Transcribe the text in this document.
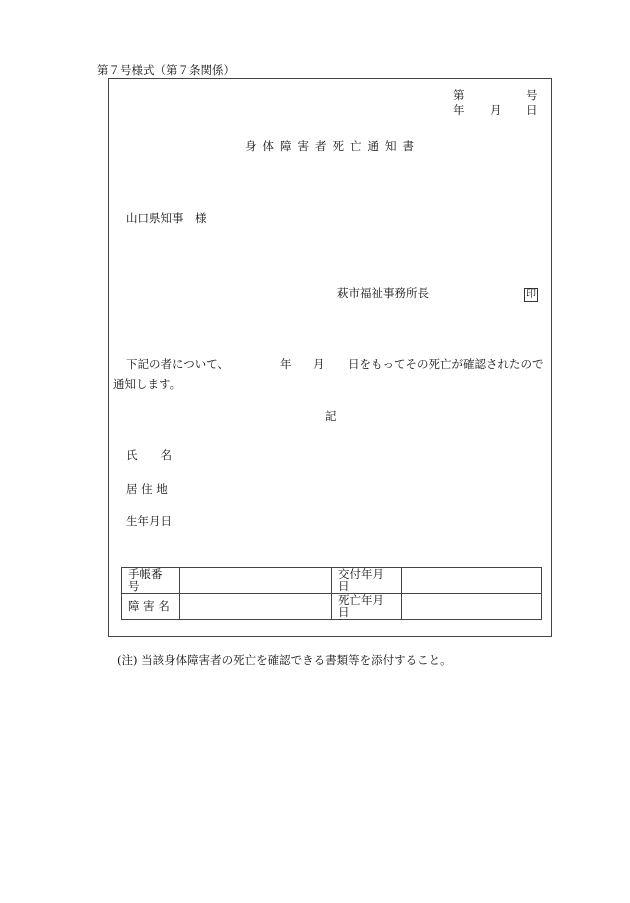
第７号様式（第７条関係）
第	号
年 月 日
身体障害者死亡通知書
山口県知事　様
萩市福祉事務所長	印
下記の者について、	年 月 日をもってその死亡が確認されたので
通知します。
記
氏　　名
居 住 地
生年月日
手帳番号		交付年月日	
障 害 名		死亡年月日	
(注) 当該身体障害者の死亡を確認できる書類等を添付すること。
